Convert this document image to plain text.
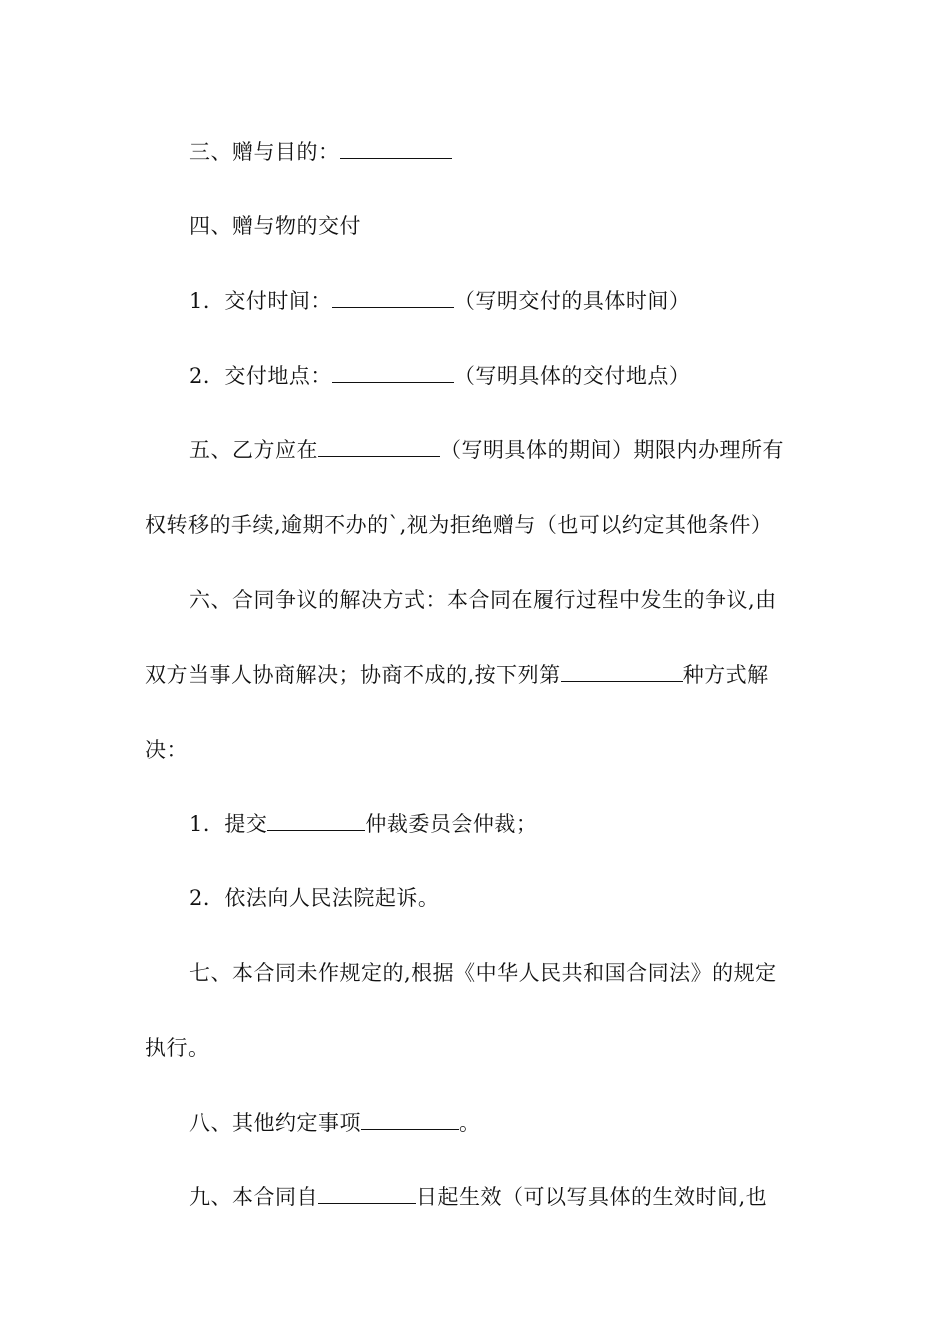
三、赠与目的：
四、赠与物的交付
1．交付时间：	（写明交付的具体时间）
2．交付地点：	（写明具体的交付地点）
五、乙方应在	（写明具体的期间）期限内办理所有
权转移的手续,逾期不办的`,视为拒绝赠与（也可以约定其他条件）
六、合同争议的解决方式：本合同在履行过程中发生的争议,由
双方当事人协商解决；协商不成的,按下列第	种方式解
决：
1．提交	仲裁委员会仲裁；
2．依法向人民法院起诉。
七、本合同未作规定的,根据《中华人民共和国合同法》的规定
执行。
八、其他约定事项	。
九、本合同自	日起生效（可以写具体的生效时间,也
